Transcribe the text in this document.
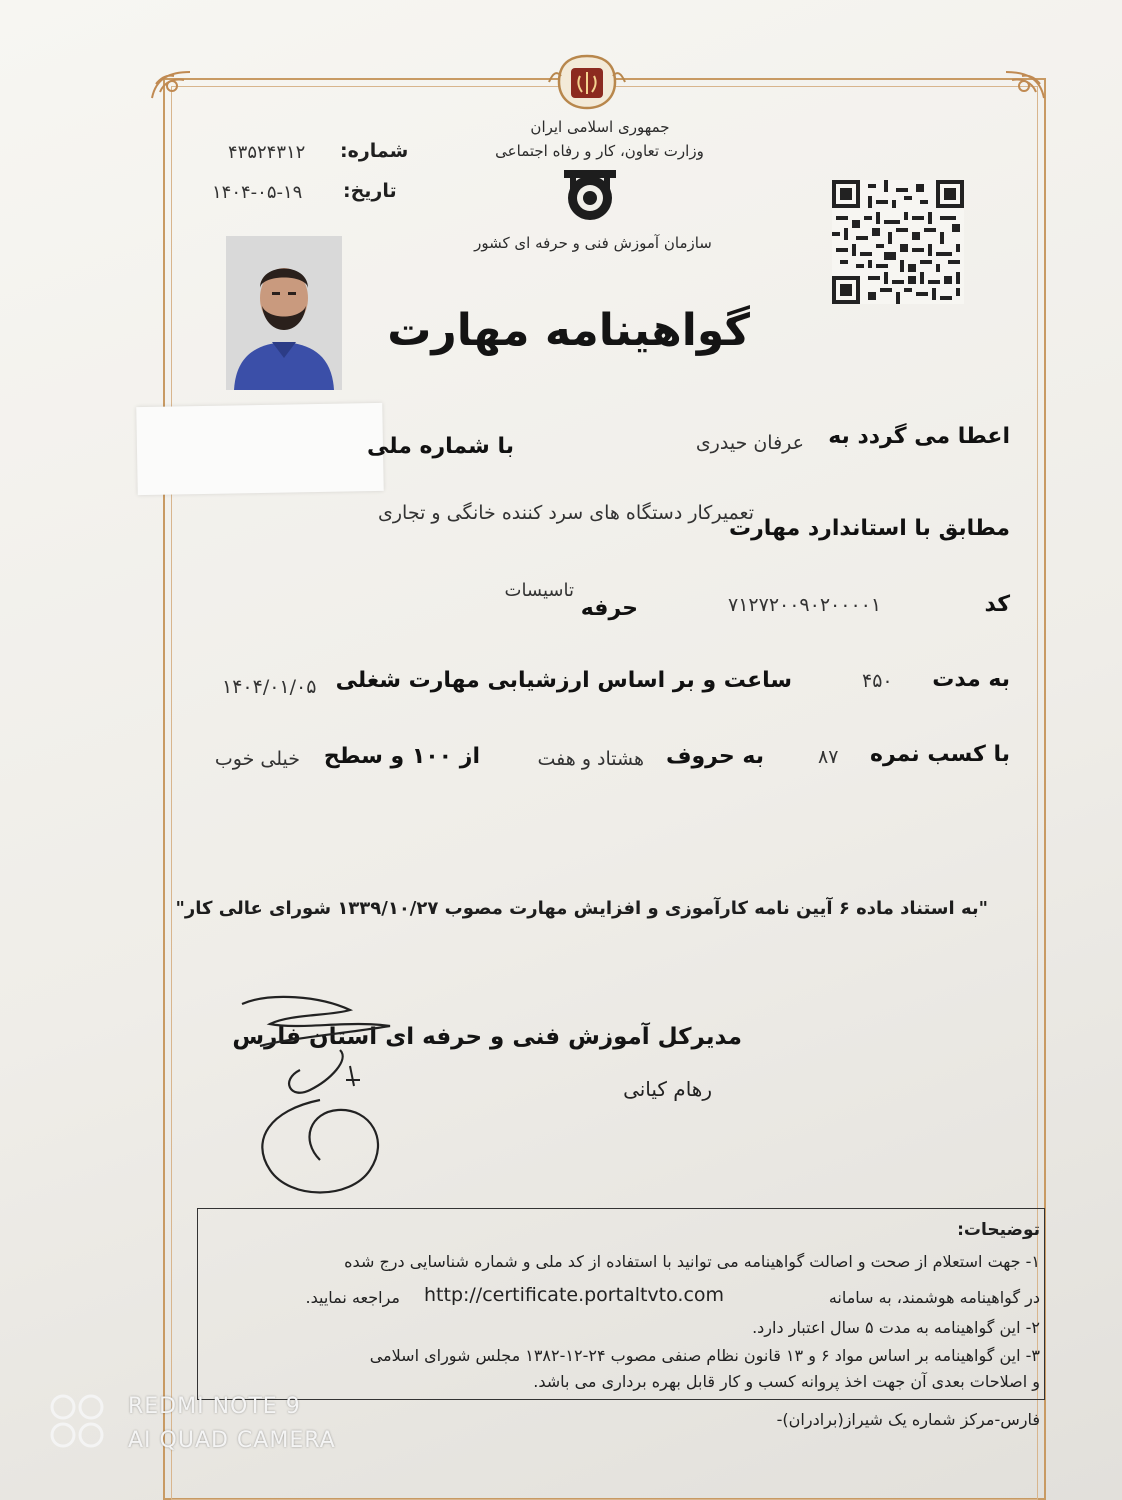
جمهوری اسلامی ایران
وزارت تعاون، کار و رفاه اجتماعی
سازمان آموزش فنی و حرفه ای کشور
شماره:
۴۳۵۲۴۳۱۲
تاریخ:
۱۴۰۴-۰۵-۱۹
گواهینامه مهارت
اعطا می گردد به
عرفان حیدری
با شماره ملی
مطابق با استاندارد مهارت
تعمیرکار دستگاه های سرد کننده خانگی و تجاری
کد
۷۱۲۷۲۰۰۹۰۲۰۰۰۰۱
حرفه
تاسیسات
به مدت
۴۵۰
ساعت و بر اساس ارزشیابی مهارت شغلی
۱۴۰۴/۰۱/۰۵
با کسب نمره
۸۷
به حروف
هشتاد و هفت
از ۱۰۰ و سطح
خیلی خوب
"به استناد ماده ۶ آیین نامه کارآموزی و افزایش مهارت مصوب ۱۳۳۹/۱۰/۲۷ شورای عالی کار"
مدیرکل آموزش فنی و حرفه ای استان فارس
رهام کیانی
توضیحات:
۱- جهت استعلام از صحت و اصالت گواهینامه می توانید با استفاده از کد ملی و شماره شناسایی درج شده
در گواهینامه هوشمند، به سامانه
http://certificate.portaltvto.com
مراجعه نمایید.
۲- این گواهینامه به مدت ۵ سال اعتبار دارد.
۳- این گواهینامه بر اساس مواد ۶ و ۱۳ قانون نظام صنفی مصوب ۲۴-۱۲-۱۳۸۲ مجلس شورای اسلامی
و اصلاحات بعدی آن جهت اخذ پروانه کسب و کار قابل بهره برداری می باشد.
فارس-مرکز شماره یک شیراز(برادران)-
REDMI NOTE 9
AI QUAD CAMERA
